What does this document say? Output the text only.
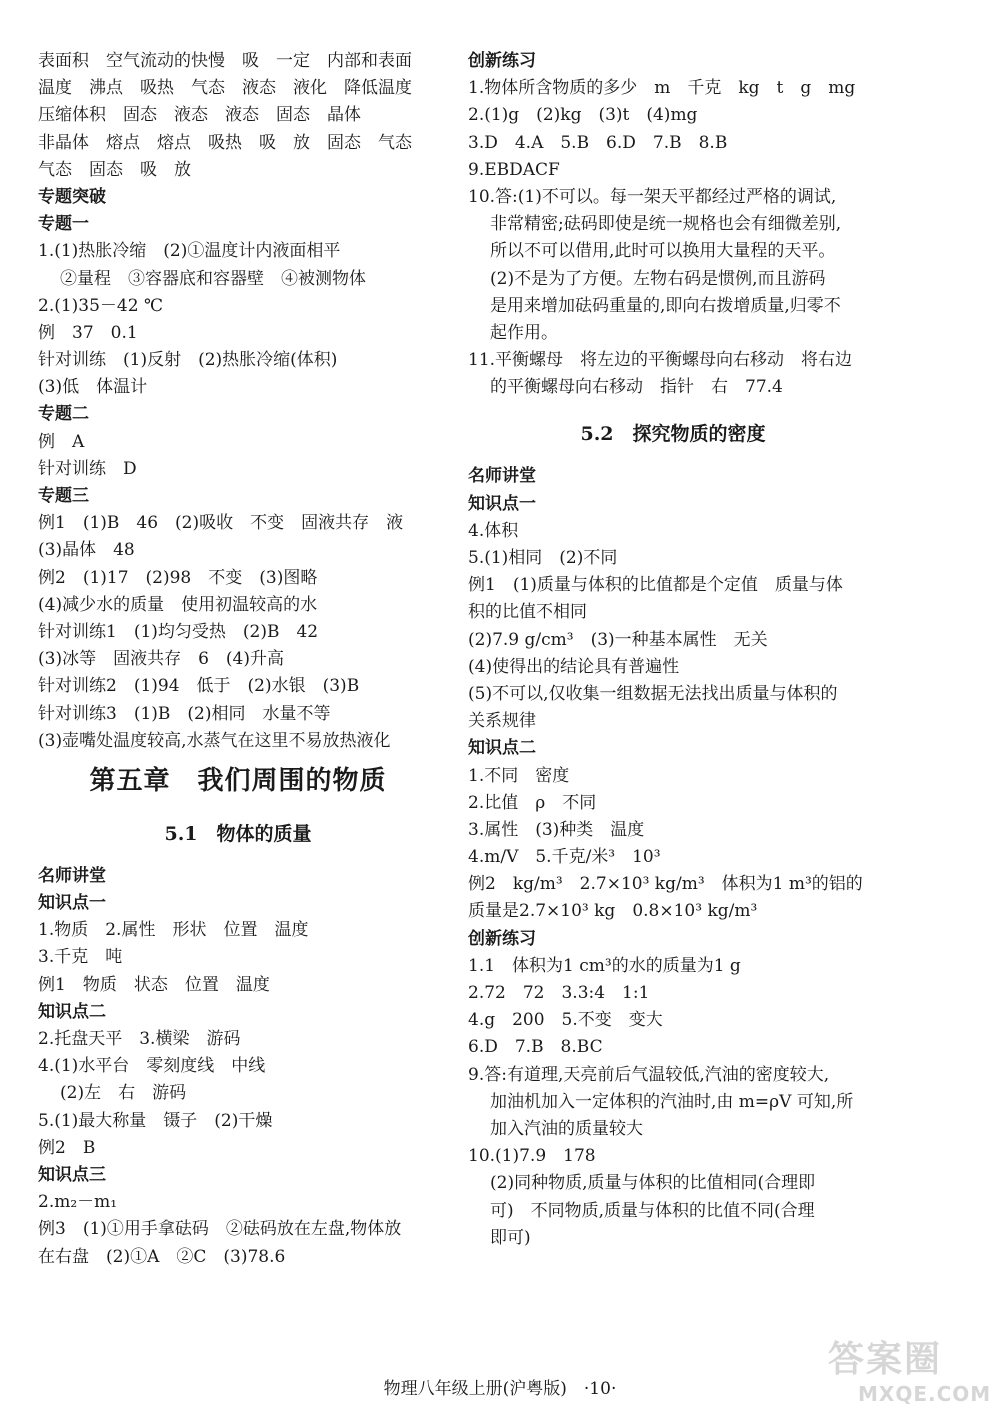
表面积　空气流动的快慢　吸　一定　内部和表面
温度　沸点　吸热　气态　液态　液化　降低温度
压缩体积　固态　液态　液态　固态　晶体
非晶体　熔点　熔点　吸热　吸　放　固态　气态
气态　固态　吸　放
专题突破
专题一
1.(1)热胀冷缩　(2)①温度计内液面相平
②量程　③容器底和容器壁　④被测物体
2.(1)35－42 ℃
例　37　0.1
针对训练　(1)反射　(2)热胀冷缩(体积)
(3)低　体温计
专题二
例　A
针对训练　D
专题三
例1　(1)B　46　(2)吸收　不变　固液共存　液
(3)晶体　48
例2　(1)17　(2)98　不变　(3)图略
(4)减少水的质量　使用初温较高的水
针对训练1　(1)均匀受热　(2)B　42
(3)冰等　固液共存　6　(4)升高
针对训练2　(1)94　低于　(2)水银　(3)B
针对训练3　(1)B　(2)相同　水量不等
(3)壶嘴处温度较高,水蒸气在这里不易放热液化
第五章　我们周围的物质
5.1　物体的质量
名师讲堂
知识点一
1.物质　2.属性　形状　位置　温度
3.千克　吨
例1　物质　状态　位置　温度
知识点二
2.托盘天平　3.横梁　游码
4.(1)水平台　零刻度线　中线
(2)左　右　游码
5.(1)最大称量　镊子　(2)干燥
例2　B
知识点三
2.m₂－m₁
例3　(1)①用手拿砝码　②砝码放在左盘,物体放
在右盘　(2)①A　②C　(3)78.6
创新练习
1.物体所含物质的多少　m　千克　kg　t　g　mg
2.(1)g　(2)kg　(3)t　(4)mg
3.D　4.A　5.B　6.D　7.B　8.B
9.EBDACF
10.答:(1)不可以。每一架天平都经过严格的调试,
非常精密;砝码即使是统一规格也会有细微差别,
所以不可以借用,此时可以换用大量程的天平。
(2)不是为了方便。左物右码是惯例,而且游码
是用来增加砝码重量的,即向右拨增质量,归零不
起作用。
11.平衡螺母　将左边的平衡螺母向右移动　将右边
的平衡螺母向右移动　指针　右　77.4
5.2　探究物质的密度
名师讲堂
知识点一
4.体积
5.(1)相同　(2)不同
例1　(1)质量与体积的比值都是个定值　质量与体
积的比值不相同
(2)7.9 g/cm³　(3)一种基本属性　无关
(4)使得出的结论具有普遍性
(5)不可以,仅收集一组数据无法找出质量与体积的
关系规律
知识点二
1.不同　密度
2.比值　ρ　不同
3.属性　(3)种类　温度
4.m/V　5.千克/米³　10³
例2　kg/m³　2.7×10³ kg/m³　体积为1 m³的铝的
质量是2.7×10³ kg　0.8×10³ kg/m³
创新练习
1.1　体积为1 cm³的水的质量为1 g
2.72　72　3.3:4　1:1
4.g　200　5.不变　变大
6.D　7.B　8.BC
9.答:有道理,天亮前后气温较低,汽油的密度较大,
加油机加入一定体积的汽油时,由 m=ρV 可知,所
加入汽油的质量较大
10.(1)7.9　178
(2)同种物质,质量与体积的比值相同(合理即
可)　不同物质,质量与体积的比值不同(合理
即可)
物理八年级上册(沪粤版)　·10·
答案圈
MXQE.COM
